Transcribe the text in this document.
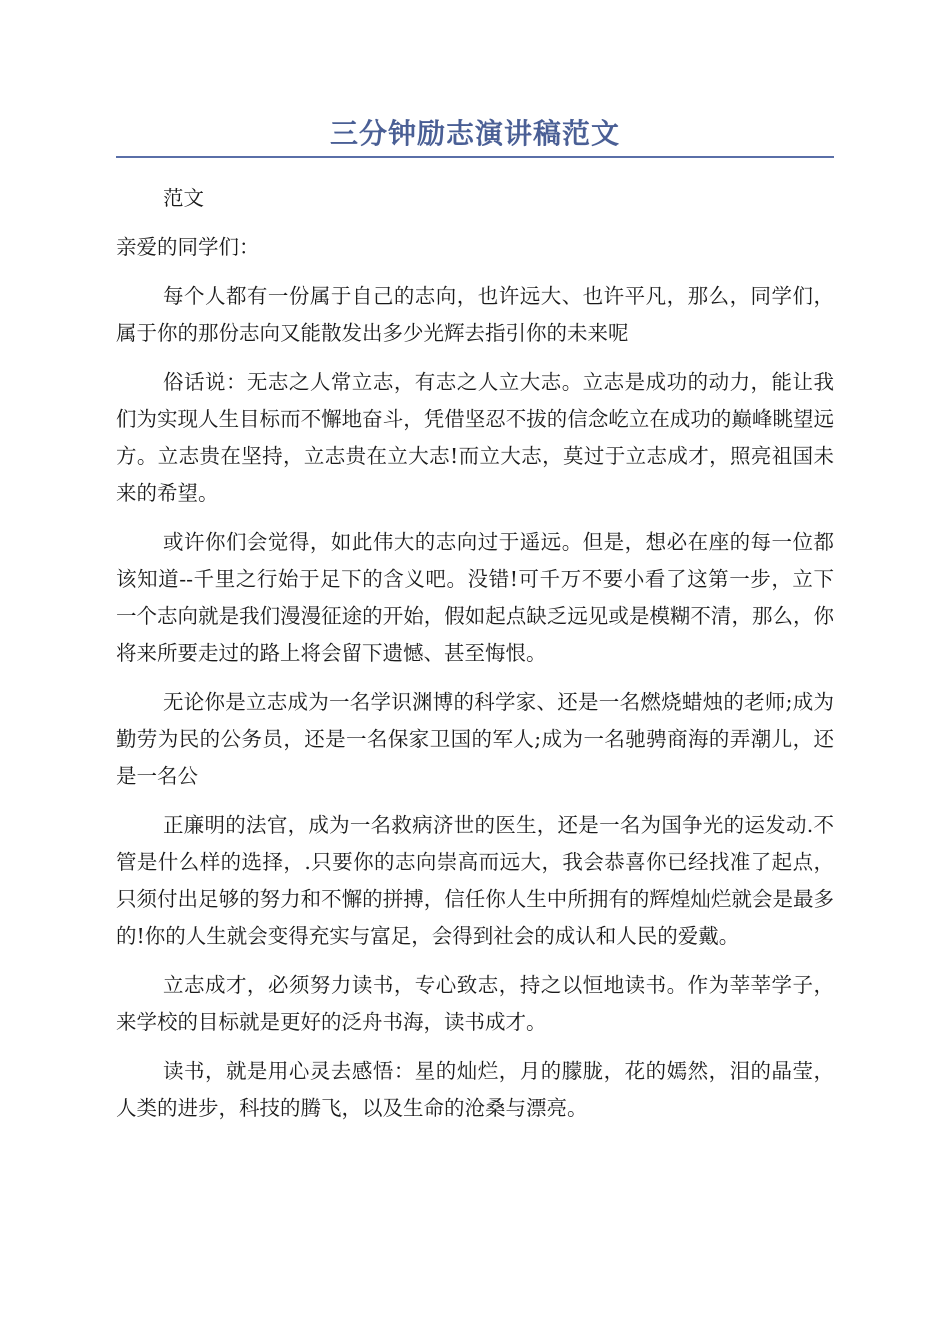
三分钟励志演讲稿范文

范文

亲爱的同学们：

每个人都有一份属于自己的志向，也许远大、也许平凡，那么，同学们，属于你的那份志向又能散发出多少光辉去指引你的未来呢

俗话说：无志之人常立志，有志之人立大志。立志是成功的动力，能让我们为实现人生目标而不懈地奋斗，凭借坚忍不拔的信念屹立在成功的巅峰眺望远方。立志贵在坚持，立志贵在立大志!而立大志，莫过于立志成才，照亮祖国未来的希望。

或许你们会觉得，如此伟大的志向过于遥远。但是，想必在座的每一位都该知道--千里之行始于足下的含义吧。没错!可千万不要小看了这第一步，立下一个志向就是我们漫漫征途的开始，假如起点缺乏远见或是模糊不清，那么，你将来所要走过的路上将会留下遗憾、甚至悔恨。

无论你是立志成为一名学识渊博的科学家、还是一名燃烧蜡烛的老师;成为勤劳为民的公务员，还是一名保家卫国的军人;成为一名驰骋商海的弄潮儿，还是一名公

正廉明的法官，成为一名救病济世的医生，还是一名为国争光的运发动.不管是什么样的选择，.只要你的志向崇高而远大，我会恭喜你已经找准了起点，只须付出足够的努力和不懈的拼搏，信任你人生中所拥有的辉煌灿烂就会是最多的!你的人生就会变得充实与富足，会得到社会的成认和人民的爱戴。

立志成才，必须努力读书，专心致志，持之以恒地读书。作为莘莘学子，来学校的目标就是更好的泛舟书海，读书成才。

读书，就是用心灵去感悟：星的灿烂，月的朦胧，花的嫣然，泪的晶莹，人类的进步，科技的腾飞，以及生命的沧桑与漂亮。
